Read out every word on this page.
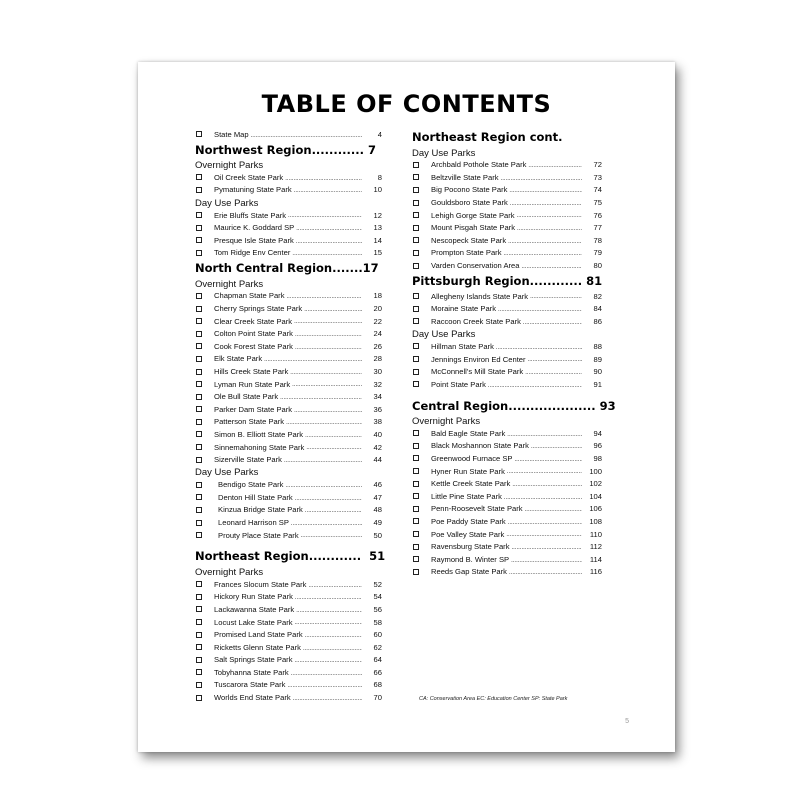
TABLE OF CONTENTS
State Map .....	4
Northwest Region............ 7
Overnight Parks
Oil Creek State Park .....	8
Pymatuning State Park .....	10
Day Use Parks
Erie Bluffs State Park .....	12
Maurice K. Goddard SP .....	13
Presque Isle State Park .....	14
Tom Ridge Env Center .....	15
North Central Region.......17
Overnight Parks
Chapman State Park .....	18
Cherry Springs State Park .....	20
Clear Creek State Park .....	22
Colton Point State Park .....	24
Cook Forest State Park .....	26
Elk State Park .....	28
Hills Creek State Park .....	30
Lyman Run State Park .....	32
Ole Bull State Park .....	34
Parker Dam State Park .....	36
Patterson State Park .....	38
Simon B. Elliott State Park .....	40
Sinnemahoning State Park .....	42
Sizerville State Park .....	44
Day Use Parks
Bendigo State Park .....	46
Denton Hill State Park .....	47
Kinzua Bridge State Park .....	48
Leonard Harrison SP .....	49
Prouty Place State Park .....	50
Northeast Region............ 51
Overnight Parks
Frances Slocum State Park .....	52
Hickory Run State Park .....	54
Lackawanna State Park .....	56
Locust Lake State Park .....	58
Promised Land State Park .....	60
Ricketts Glenn State Park .....	62
Salt Springs State Park .....	64
Tobyhanna State Park .....	66
Tuscarora State Park .....	68
Worlds End State Park .....	70
Northeast Region cont.
Day Use Parks
Archbald Pothole State Park .....	72
Beltzville State Park .....	73
Big Pocono State Park .....	74
Gouldsboro State Park .....	75
Lehigh Gorge State Park .....	76
Mount Pisgah State Park .....	77
Nescopeck State Park .....	78
Prompton State Park .....	79
Varden Conservation Area .....	80
Pittsburgh Region............ 81
Allegheny Islands State Park .....	82
Moraine State Park .....	84
Raccoon Creek State Park .....	86
Day Use Parks
Hillman State Park .....	88
Jennings Environ Ed Center .....	89
McConnell's Mill State Park .....	90
Point State Park .....	91
Central Region.................... 93
Overnight Parks
Bald Eagle State Park .....	94
Black Moshannon State Park .....	96
Greenwood Furnace SP .....	98
Hyner Run State Park .....	100
Kettle Creek State Park .....	102
Little Pine State Park .....	104
Penn-Roosevelt State Park .....	106
Poe Paddy State Park .....	108
Poe Valley State Park .....	110
Ravensburg State Park .....	112
Raymond B. Winter SP .....	114
Reeds Gap State Park .....	116
CA: Conservation Area EC: Education Center SP: State Park
5
